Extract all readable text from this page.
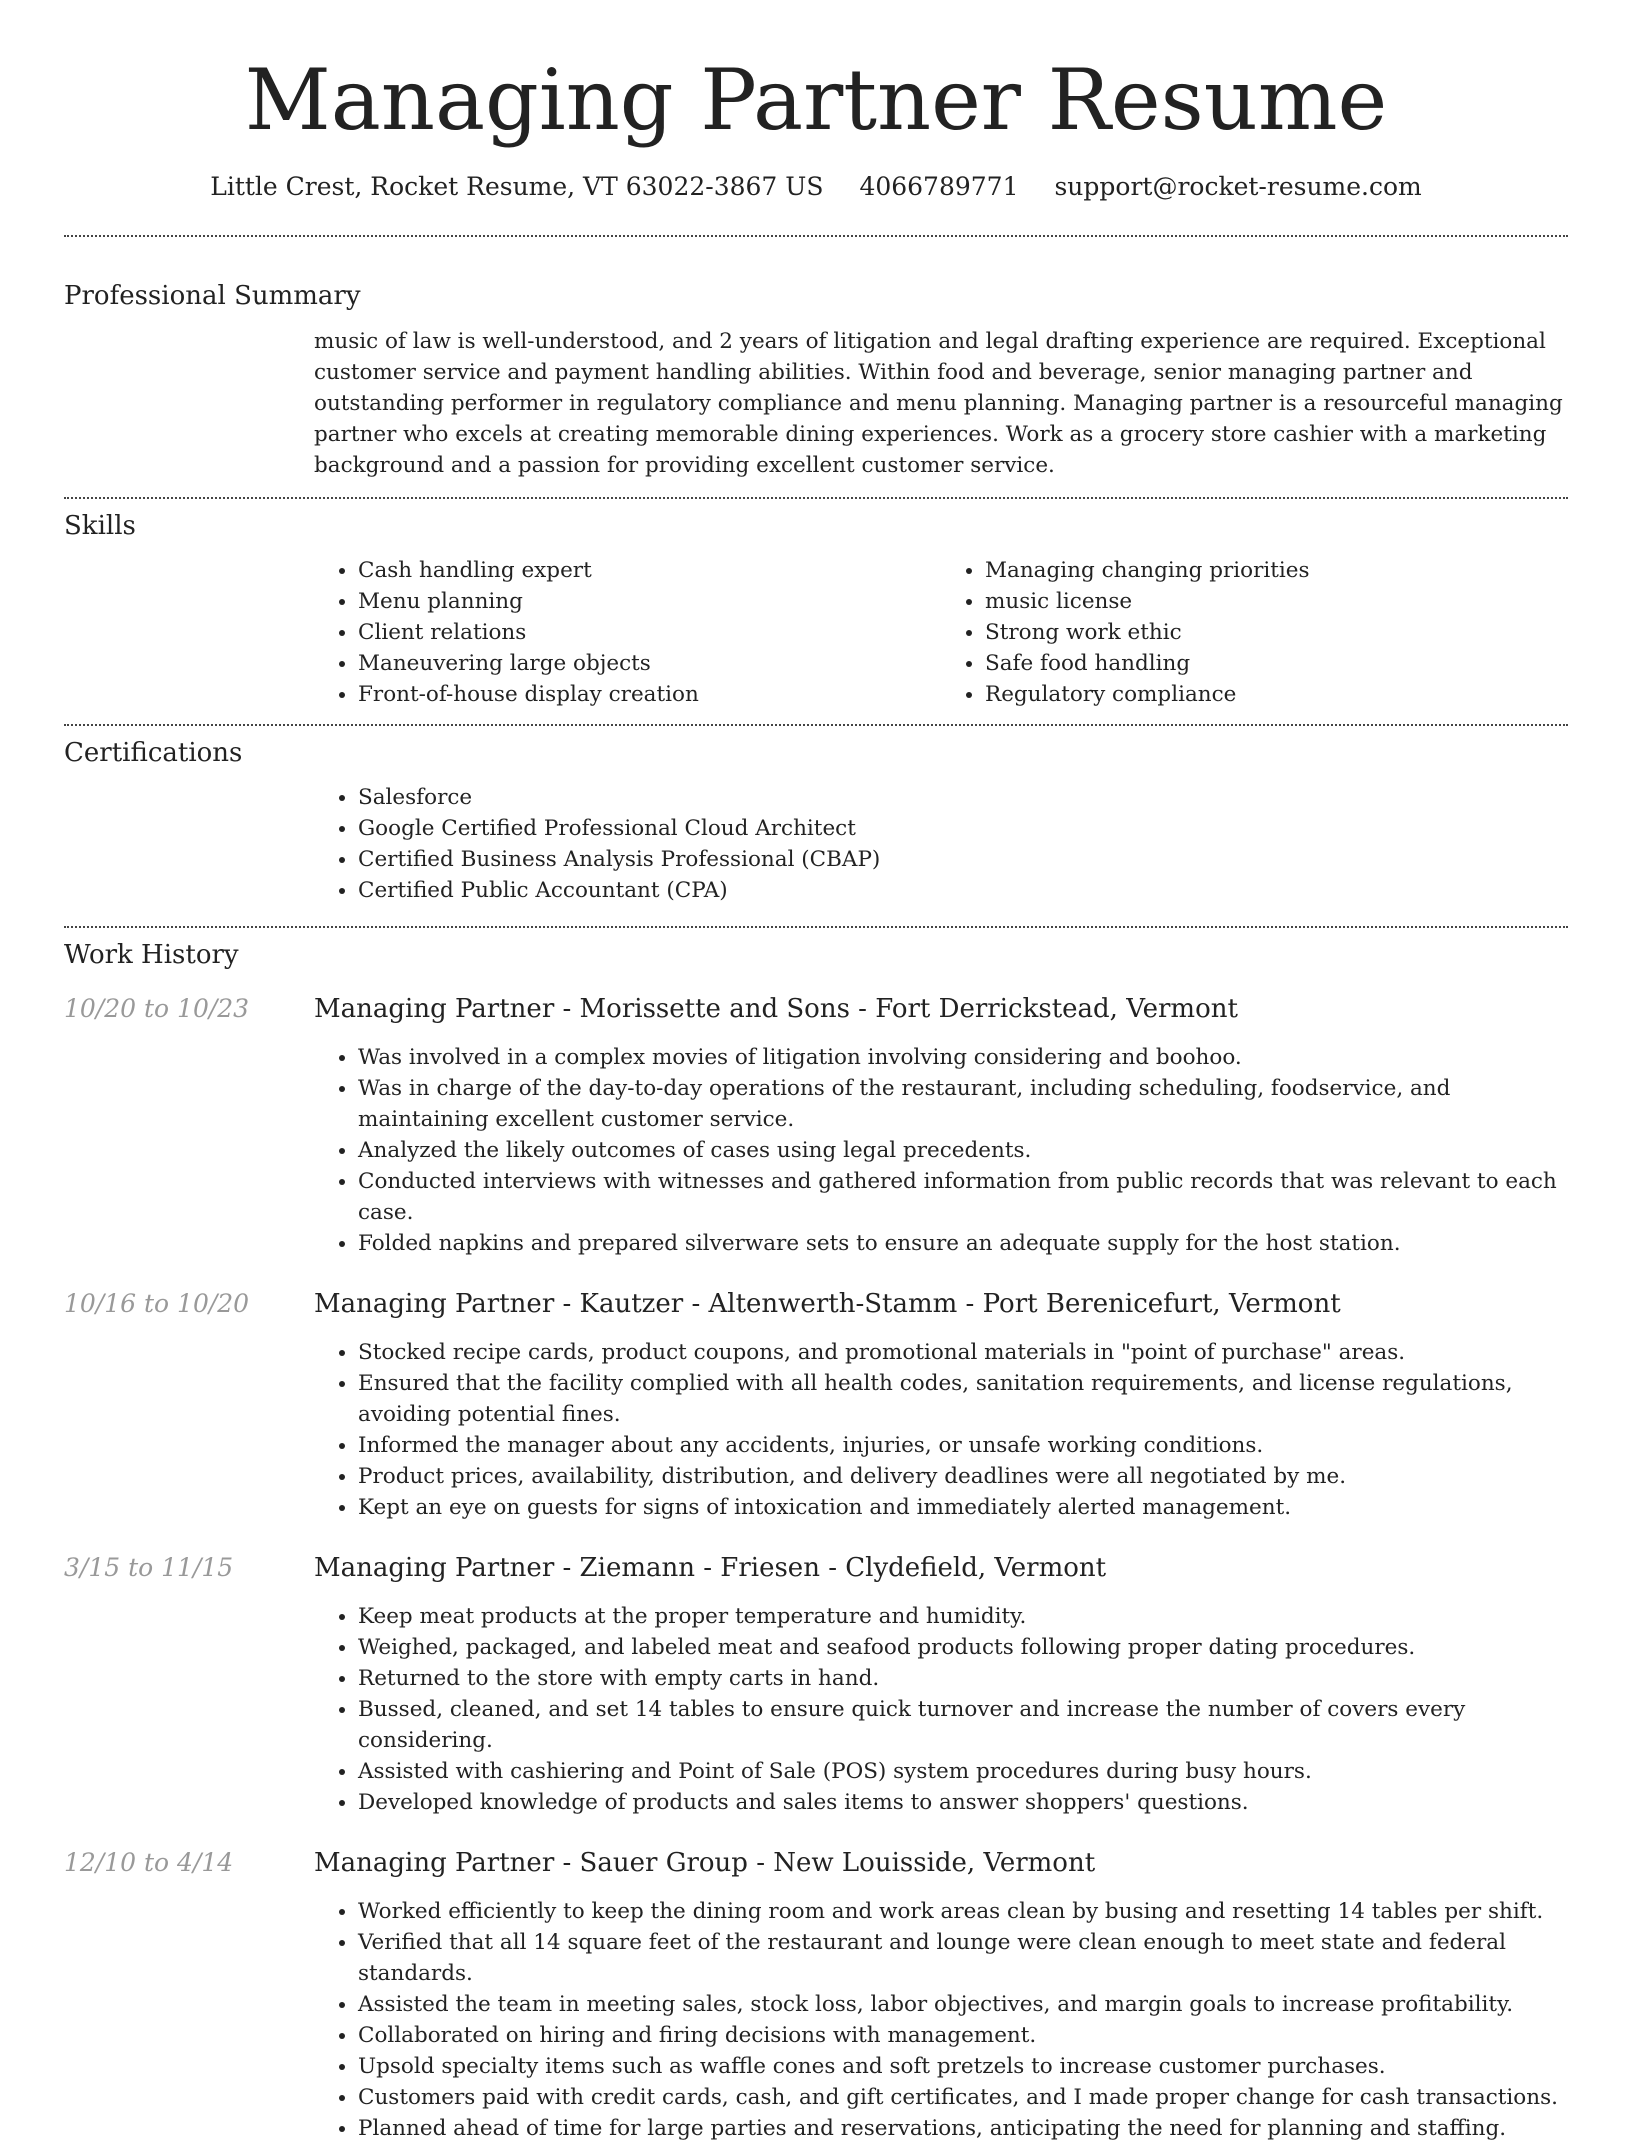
Managing Partner Resume
Little Crest, Rocket Resume, VT 63022-3867 US 4066789771 support@rocket-resume.com
Professional Summary

music of law is well-understood, and 2 years of litigation and legal drafting experience are required. Exceptional customer service and payment handling abilities. Within food and beverage, senior managing partner and outstanding performer in regulatory compliance and menu planning. Managing partner is a resourceful managing partner who excels at creating memorable dining experiences. Work as a grocery store cashier with a marketing background and a passion for providing excellent customer service.

Skills
• Cash handling expert
• Menu planning
• Client relations
• Maneuvering large objects
• Front-of-house display creation
• Managing changing priorities
• music license
• Strong work ethic
• Safe food handling
• Regulatory compliance
Certifications
• Salesforce
• Google Certified Professional Cloud Architect
• Certified Business Analysis Professional (CBAP)
• Certified Public Accountant (CPA)
Work History
10/20 to 10/23	Managing Partner - Morissette and Sons - Fort Derrickstead, Vermont
• Was involved in a complex movies of litigation involving considering and boohoo.
• Was in charge of the day-to-day operations of the restaurant, including scheduling, foodservice, and maintaining excellent customer service.
• Analyzed the likely outcomes of cases using legal precedents.
• Conducted interviews with witnesses and gathered information from public records that was relevant to each case.
• Folded napkins and prepared silverware sets to ensure an adequate supply for the host station.
10/16 to 10/20	Managing Partner - Kautzer - Altenwerth-Stamm - Port Berenicefurt, Vermont
• Stocked recipe cards, product coupons, and promotional materials in "point of purchase" areas.
• Ensured that the facility complied with all health codes, sanitation requirements, and license regulations, avoiding potential fines.
• Informed the manager about any accidents, injuries, or unsafe working conditions.
• Product prices, availability, distribution, and delivery deadlines were all negotiated by me.
• Kept an eye on guests for signs of intoxication and immediately alerted management.
3/15 to 11/15	Managing Partner - Ziemann - Friesen - Clydefield, Vermont
• Keep meat products at the proper temperature and humidity.
• Weighed, packaged, and labeled meat and seafood products following proper dating procedures.
• Returned to the store with empty carts in hand.
• Bussed, cleaned, and set 14 tables to ensure quick turnover and increase the number of covers every considering.
• Assisted with cashiering and Point of Sale (POS) system procedures during busy hours.
• Developed knowledge of products and sales items to answer shoppers' questions.
12/10 to 4/14	Managing Partner - Sauer Group - New Louisside, Vermont
• Worked efficiently to keep the dining room and work areas clean by busing and resetting 14 tables per shift.
• Verified that all 14 square feet of the restaurant and lounge were clean enough to meet state and federal standards.
• Assisted the team in meeting sales, stock loss, labor objectives, and margin goals to increase profitability.
• Collaborated on hiring and firing decisions with management.
• Upsold specialty items such as waffle cones and soft pretzels to increase customer purchases.
• Customers paid with credit cards, cash, and gift certificates, and I made proper change for cash transactions.
• Planned ahead of time for large parties and reservations, anticipating the need for planning and staffing.
